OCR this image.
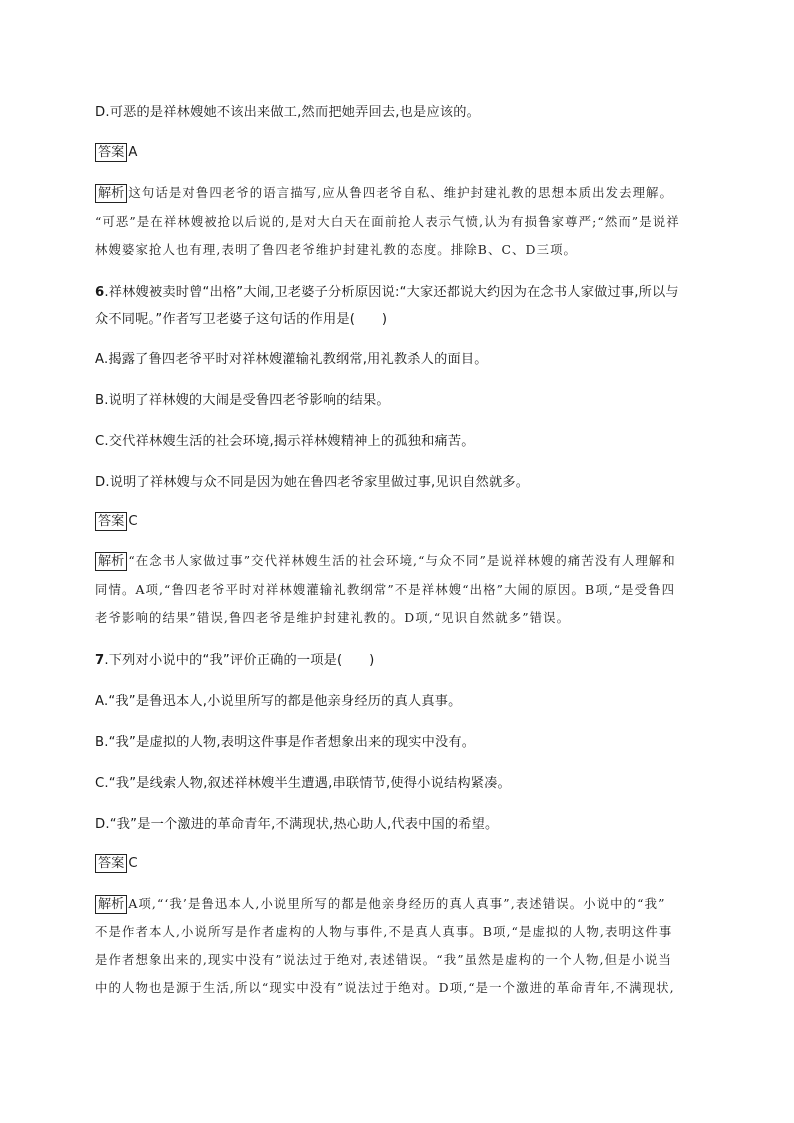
D.可恶的是祥林嫂她不该出来做工,然而把她弄回去,也是应该的。
答案 A
解析 这句话是对鲁四老爷的语言描写,应从鲁四老爷自私、维护封建礼教的思想本质出发去理解。
“可恶”是在祥林嫂被抢以后说的,是对大白天在面前抢人表示气愤,认为有损鲁家尊严;“然而”是说祥
林嫂婆家抢人也有理,表明了鲁四老爷维护封建礼教的态度。排除B、C、D三项。
6.祥林嫂被卖时曾“出格”大闹,卫老婆子分析原因说:“大家还都说大约因为在念书人家做过事,所以与
众不同呢。”作者写卫老婆子这句话的作用是(　　)
A.揭露了鲁四老爷平时对祥林嫂灌输礼教纲常,用礼教杀人的面目。
B.说明了祥林嫂的大闹是受鲁四老爷影响的结果。
C.交代祥林嫂生活的社会环境,揭示祥林嫂精神上的孤独和痛苦。
D.说明了祥林嫂与众不同是因为她在鲁四老爷家里做过事,见识自然就多。
答案 C
解析 “在念书人家做过事”交代祥林嫂生活的社会环境,“与众不同”是说祥林嫂的痛苦没有人理解和
同情。A项,“鲁四老爷平时对祥林嫂灌输礼教纲常”不是祥林嫂“出格”大闹的原因。B项,“是受鲁四
老爷影响的结果”错误,鲁四老爷是维护封建礼教的。D项,“见识自然就多”错误。
7.下列对小说中的“我”评价正确的一项是(　　)
A.“我”是鲁迅本人,小说里所写的都是他亲身经历的真人真事。
B.“我”是虚拟的人物,表明这件事是作者想象出来的现实中没有。
C.“我”是线索人物,叙述祥林嫂半生遭遇,串联情节,使得小说结构紧凑。
D.“我”是一个激进的革命青年,不满现状,热心助人,代表中国的希望。
答案 C
解析 A项,“‘我’是鲁迅本人,小说里所写的都是他亲身经历的真人真事”,表述错误。小说中的“我”
不是作者本人,小说所写是作者虚构的人物与事件,不是真人真事。B项,“是虚拟的人物,表明这件事
是作者想象出来的,现实中没有”说法过于绝对,表述错误。“我”虽然是虚构的一个人物,但是小说当
中的人物也是源于生活,所以“现实中没有”说法过于绝对。D项,“是一个激进的革命青年,不满现状,
